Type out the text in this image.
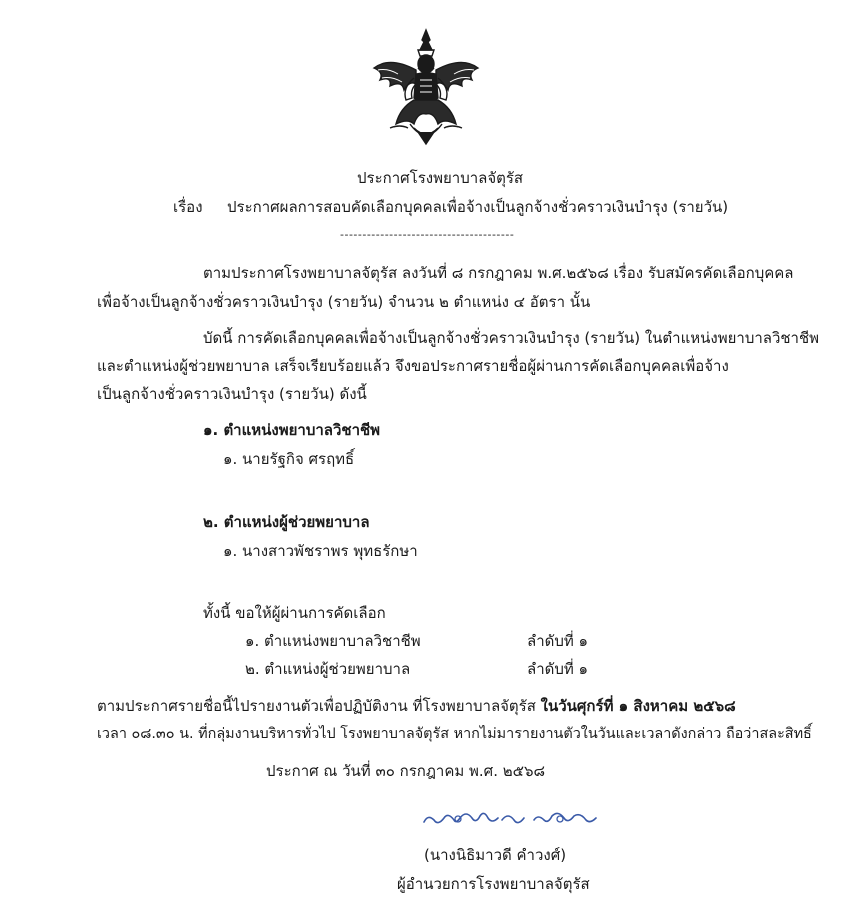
ประกาศโรงพยาบาลจัตุรัส
เรื่อง ประกาศผลการสอบคัดเลือกบุคคลเพื่อจ้างเป็นลูกจ้างชั่วคราวเงินบำรุง (รายวัน)
---------------------------------------
ตามประกาศโรงพยาบาลจัตุรัส ลงวันที่ ๘ กรกฎาคม พ.ศ.๒๕๖๘ เรื่อง รับสมัครคัดเลือกบุคคล
เพื่อจ้างเป็นลูกจ้างชั่วคราวเงินบำรุง (รายวัน) จำนวน ๒ ตำแหน่ง ๔ อัตรา นั้น
บัดนี้ การคัดเลือกบุคคลเพื่อจ้างเป็นลูกจ้างชั่วคราวเงินบำรุง (รายวัน) ในตำแหน่งพยาบาลวิชาชีพ
และตำแหน่งผู้ช่วยพยาบาล เสร็จเรียบร้อยแล้ว จึงขอประกาศรายชื่อผู้ผ่านการคัดเลือกบุคคลเพื่อจ้าง
เป็นลูกจ้างชั่วคราวเงินบำรุง (รายวัน) ดังนี้
๑. ตำแหน่งพยาบาลวิชาชีพ
๑. นายรัฐกิจ ศรฤทธิ์
๒. ตำแหน่งผู้ช่วยพยาบาล
๑. นางสาวพัชราพร พุทธรักษา
ทั้งนี้ ขอให้ผู้ผ่านการคัดเลือก
๑. ตำแหน่งพยาบาลวิชาชีพ	ลำดับที่ ๑
๒. ตำแหน่งผู้ช่วยพยาบาล	ลำดับที่ ๑
ตามประกาศรายชื่อนี้ไปรายงานตัวเพื่อปฏิบัติงาน ที่โรงพยาบาลจัตุรัส ในวันศุกร์ที่ ๑ สิงหาคม ๒๕๖๘
เวลา ๐๘.๓๐ น. ที่กลุ่มงานบริหารทั่วไป โรงพยาบาลจัตุรัส หากไม่มารายงานตัวในวันและเวลาดังกล่าว ถือว่าสละสิทธิ์
ประกาศ ณ วันที่ ๓๐ กรกฎาคม พ.ศ. ๒๕๖๘
(นางนิธิมาวดี คำวงศ์)
ผู้อำนวยการโรงพยาบาลจัตุรัส
